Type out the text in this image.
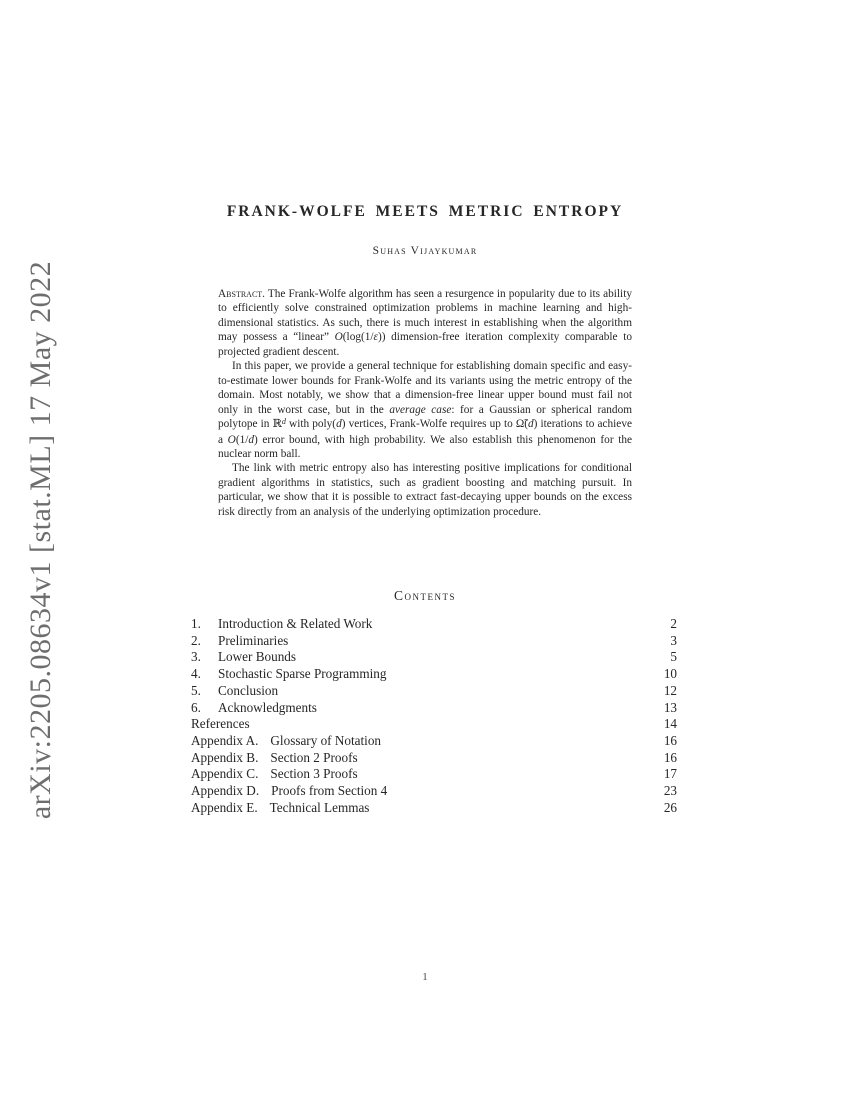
arXiv:2205.08634v1 [stat.ML] 17 May 2022
FRANK-WOLFE MEETS METRIC ENTROPY
Suhas Vijaykumar

Abstract. The Frank-Wolfe algorithm has seen a resurgence in popularity due to its ability to efficiently solve constrained optimization problems in machine learning and high-dimensional statistics. As such, there is much interest in establishing when the algorithm may possess a “linear” O(log(1/ε)) dimension-free iteration complexity comparable to projected gradient descent.

In this paper, we provide a general technique for establishing domain specific and easy-to-estimate lower bounds for Frank-Wolfe and its variants using the metric entropy of the domain. Most notably, we show that a dimension-free linear upper bound must fail not only in the worst case, but in the average case: for a Gaussian or spherical random polytope in ℝ$^d$ with poly(d) vertices, Frank-Wolfe requires up to Ω̃(d) iterations to achieve a O(1/d) error bound, with high probability. We also establish this phenomenon for the nuclear norm ball.

The link with metric entropy also has interesting positive implications for conditional gradient algorithms in statistics, such as gradient boosting and matching pursuit. In particular, we show that it is possible to extract fast-decaying upper bounds on the excess risk directly from an analysis of the underlying optimization procedure.

Contents
1.	Introduction & Related Work	2
2.	Preliminaries	3
3.	Lower Bounds	5
4.	Stochastic Sparse Programming	10
5.	Conclusion	12
6.	Acknowledgments	13
References	14
Appendix A. Glossary of Notation	16
Appendix B. Section 2 Proofs	16
Appendix C. Section 3 Proofs	17
Appendix D. Proofs from Section 4	23
Appendix E. Technical Lemmas	26
1
